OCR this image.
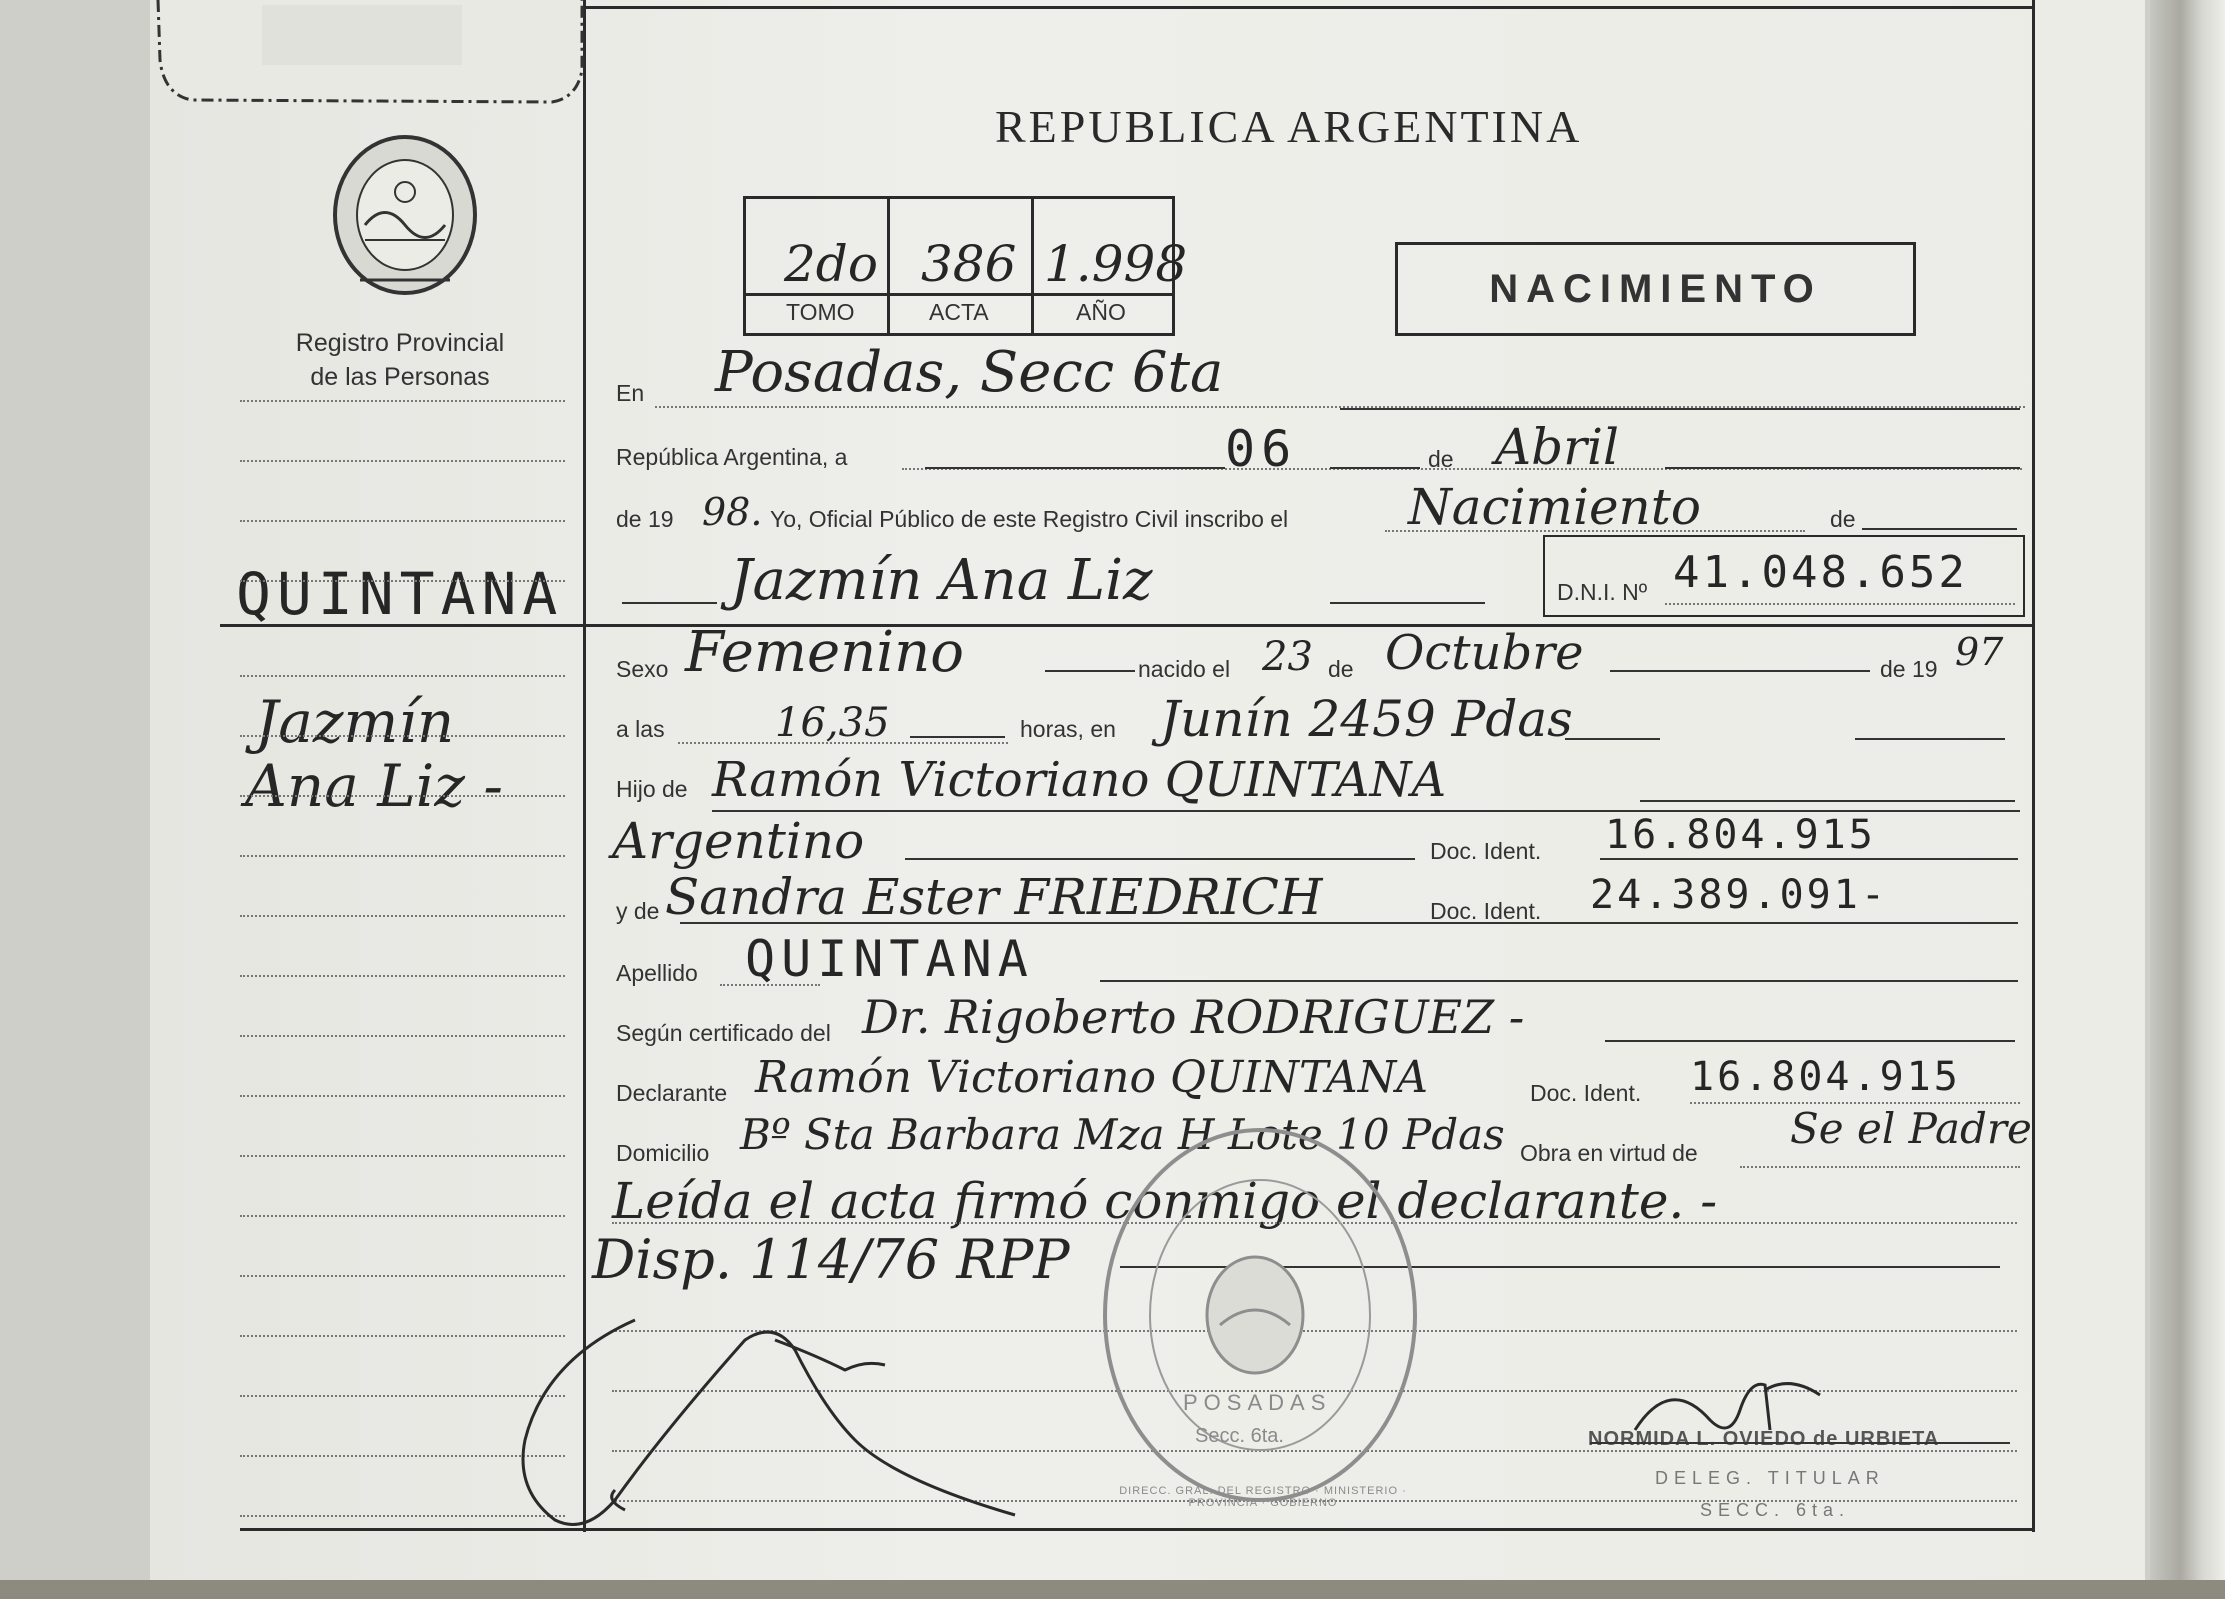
Registro Provincial
de las Personas
REPUBLICA ARGENTINA
2do 386 1.998
TOMO	ACTA	AÑO
NACIMIENTO
QUINTANA
Jazmín
Ana Liz -
En Posadas, Secc 6ta
República Argentina, a	06	de Abril
de 19 98. Yo, Oficial Público de este Registro Civil inscribo el Nacimiento	de
Jazmín Ana Liz	D.N.I. Nº 41.048.652
Sexo Femenino	nacido el 23 de Octubre	de 19 97
a las	16,35	horas, en Junín 2459 Pdas
Hijo de Ramón Victoriano QUINTANA
Argentino	Doc. Ident. 16.804.915
y de Sandra Ester FRIEDRICH	Doc. Ident. 24.389.091-
Apellido QUINTANA
Según certificado del Dr. Rigoberto RODRIGUEZ -
Declarante Ramón Victoriano QUINTANA	Doc. Ident. 16.804.915
Domicilio Bº Sta Barbara Mza H Lote 10 Pdas Obra en virtud de Se el Padre
Leída el acta firmó conmigo el declarante. -
Disp. 114/76 RPP
POSADAS
Secc. 6ta.
DIRECC. GRAL. DEL REGISTRO · MINISTERIO · PROVINCIA · GOBIERNO
NORMIDA L. OVIEDO de URBIETA
DELEG. TITULAR
SECC. 6ta.
